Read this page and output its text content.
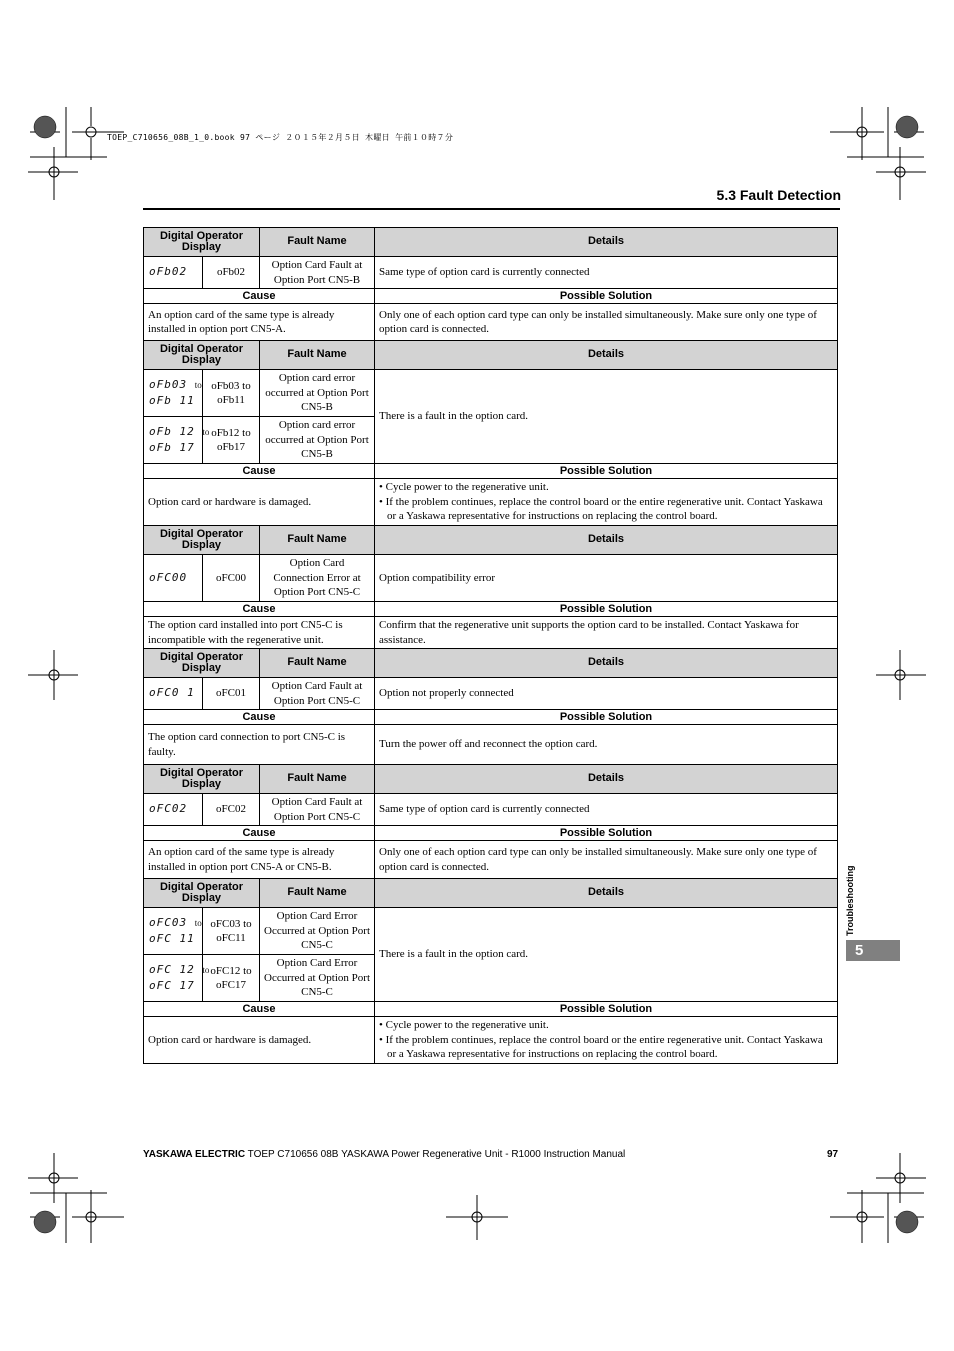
TOEP_C710656_08B_1_0.book 97 ページ ２０１５年２月５日 木曜日 午前１０時７分
5.3 Fault Detection
Digital Operator Display		Fault Name	Details
oFb02	oFb02	Option Card Fault at Option Port CN5-B	Same type of option card is currently connected
Cause			Possible Solution
An option card of the same type is already installed in option port CN5-A.			Only one of each option card type can only be installed simultaneously. Make sure only one type of option card is connected.
Digital Operator Display		Fault Name	Details

oFb03 to
oFb 11	oFb03 to oFb11	Option card error occurred at Option Port CN5-B	There is a fault in the option card.

oFb 12 to
oFb 17	oFb12 to oFb17	Option card error occurred at Option Port CN5-B	
Cause			Possible Solution
Option card or hardware is damaged.			• Cycle power to the regenerative unit.
• If the problem continues, replace the control board or the entire regenerative unit. Contact Yaskawa or a Yaskawa representative for instructions on replacing the control board.

Digital Operator Display		Fault Name	Details
oFC00	oFC00	Option Card Connection Error at Option Port CN5-C	Option compatibility error
Cause			Possible Solution
The option card installed into port CN5-C is incompatible with the regenerative unit.			Confirm that the regenerative unit supports the option card to be installed. Contact Yaskawa for assistance.
Digital Operator Display		Fault Name	Details
oFC0 1	oFC01	Option Card Fault at Option Port CN5-C	Option not properly connected
Cause			Possible Solution
The option card connection to port CN5-C is faulty.			Turn the power off and reconnect the option card.
Digital Operator Display		Fault Name	Details
oFC02	oFC02	Option Card Fault at Option Port CN5-C	Same type of option card is currently connected
Cause			Possible Solution
An option card of the same type is already installed in option port CN5-A or CN5-B.			Only one of each option card type can only be installed simultaneously. Make sure only one type of option card is connected.
Digital Operator Display		Fault Name	Details

oFC03 to
oFC 11	oFC03 to oFC11	Option Card Error Occurred at Option Port CN5-C	There is a fault in the option card.

oFC 12 to
oFC 17	oFC12 to oFC17	Option Card Error Occurred at Option Port CN5-C	
Cause			Possible Solution
Option card or hardware is damaged.			• Cycle power to the regenerative unit.
• If the problem continues, replace the control board or the entire regenerative unit. Contact Yaskawa or a Yaskawa representative for instructions on replacing the control board.
Troubleshooting
5
YASKAWA ELECTRIC TOEP C710656 08B YASKAWA Power Regenerative Unit - R1000 Instruction Manual	97
